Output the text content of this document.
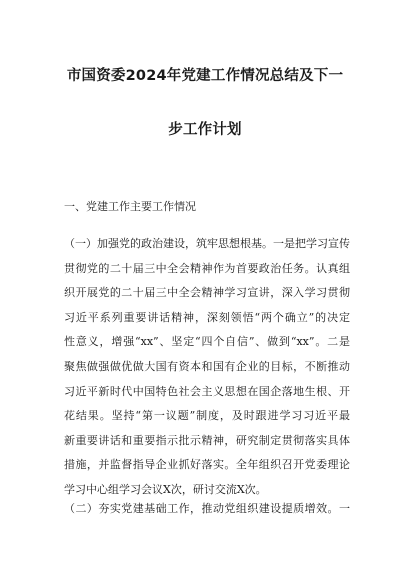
市国资委2024年党建工作情况总结及下一
步工作计划
一、党建工作主要工作情况
（一）加强党的政治建设，筑牢思想根基。一是把学习宣传
贯彻党的二十届三中全会精神作为首要政治任务。认真组
织开展党的二十届三中全会精神学习宣讲，深入学习贯彻
习近平系列重要讲话精神，深刻领悟“两个确立”的决定
性意义，增强“xx”、坚定“四个自信”、做到“xx”。二是
聚焦做强做优做大国有资本和国有企业的目标，不断推动
习近平新时代中国特色社会主义思想在国企落地生根、开
花结果。坚持“第一议题”制度，及时跟进学习习近平最
新重要讲话和重要指示批示精神，研究制定贯彻落实具体
措施，并监督指导企业抓好落实。全年组织召开党委理论
学习中心组学习会议X次，研讨交流X次。
（二）夯实党建基础工作，推动党组织建设提质增效。一
